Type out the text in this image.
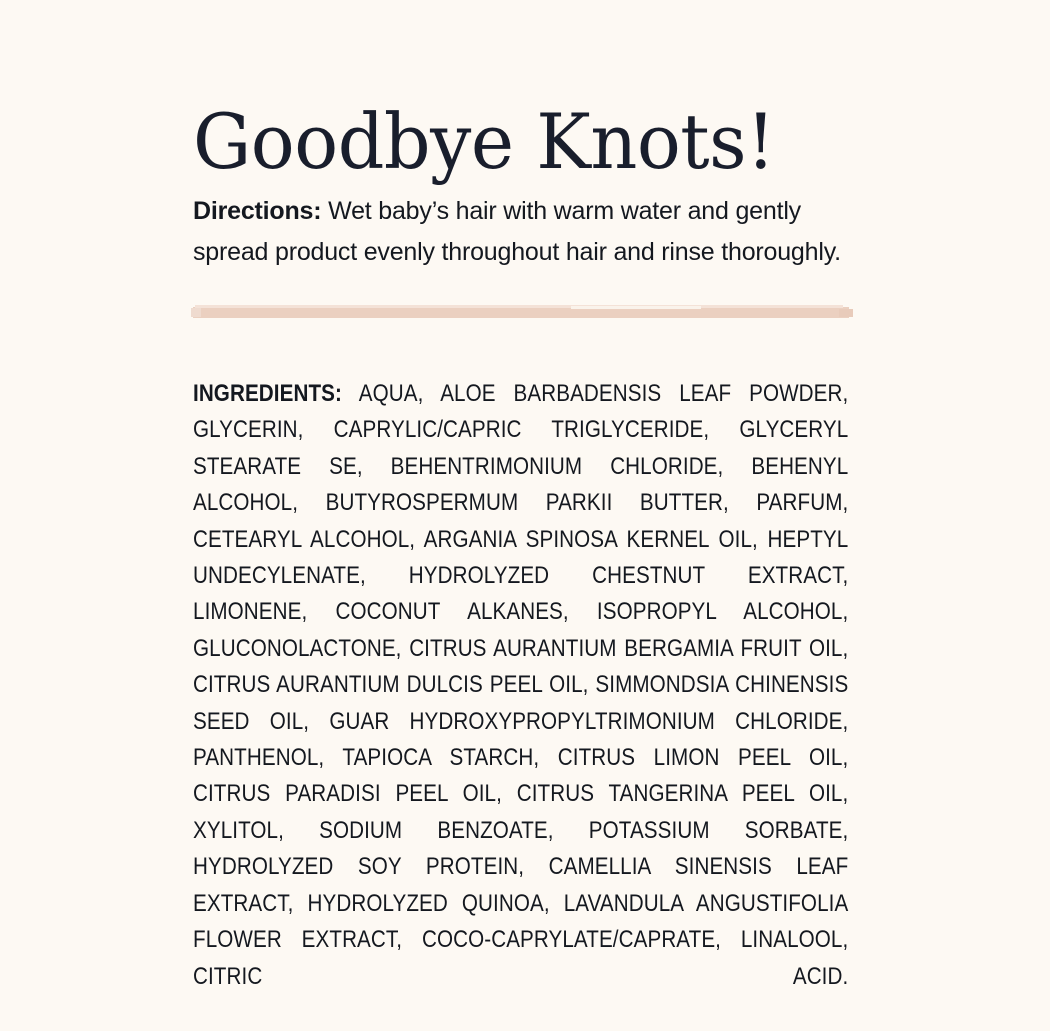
Goodbye Knots!

Directions: Wet baby’s hair with warm water and gently spread product evenly throughout hair and rinse thoroughly.

INGREDIENTS: AQUA, ALOE BARBADENSIS LEAF POWDER, GLYCERIN, CAPRYLIC/CAPRIC TRIGLYCERIDE, GLYCERYL STEARATE SE, BEHENTRIMONIUM CHLORIDE, BEHENYL ALCOHOL, BUTYROSPERMUM PARKII BUTTER, PARFUM, CETEARYL ALCOHOL, ARGANIA SPINOSA KERNEL OIL, HEPTYL UNDECYLENATE, HYDROLYZED CHESTNUT EXTRACT, LIMONENE, COCONUT ALKANES, ISOPROPYL ALCOHOL, GLUCONOLACTONE, CITRUS AURANTIUM BERGAMIA FRUIT OIL, CITRUS AURANTIUM DULCIS PEEL OIL, SIMMONDSIA CHINENSIS SEED OIL, GUAR HYDROXYPROPYLTRIMONIUM CHLORIDE, PANTHENOL, TAPIOCA STARCH, CITRUS LIMON PEEL OIL, CITRUS PARADISI PEEL OIL, CITRUS TANGERINA PEEL OIL, XYLITOL, SODIUM BENZOATE, POTASSIUM SORBATE, HYDROLYZED SOY PROTEIN, CAMELLIA SINENSIS LEAF EXTRACT, HYDROLYZED QUINOA, LAVANDULA ANGUSTIFOLIA FLOWER EXTRACT, COCO-CAPRYLATE/CAPRATE, LINALOOL, CITRIC ACID.
